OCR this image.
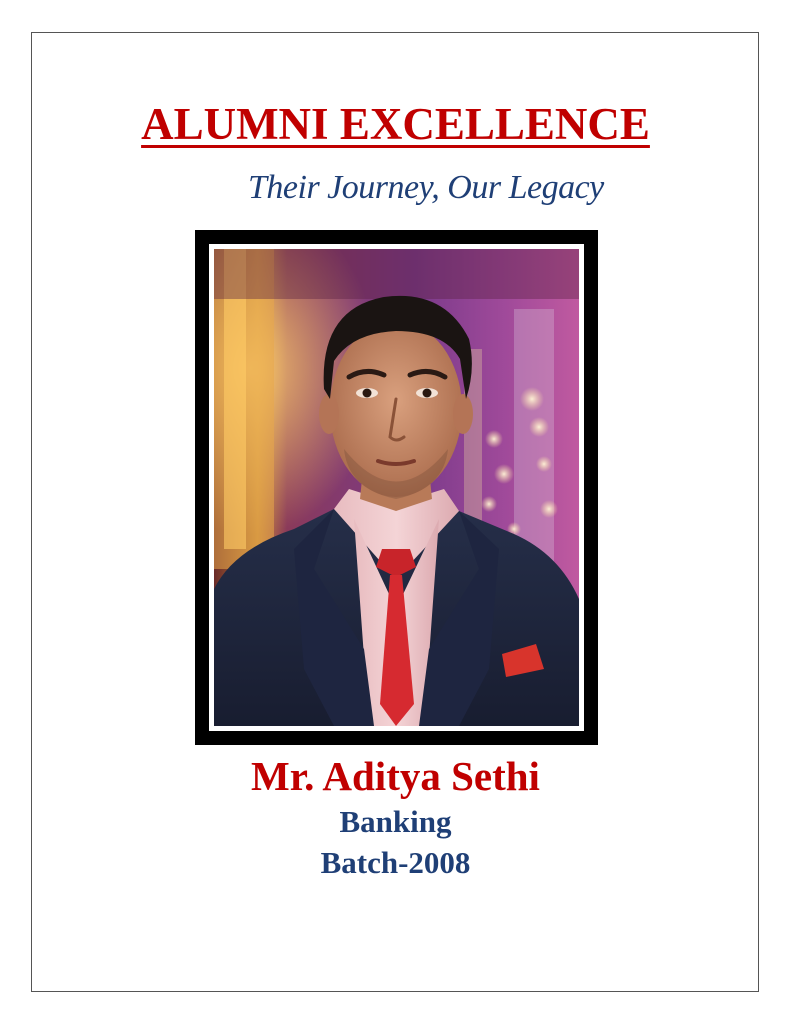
ALUMNI EXCELLENCE

Their Journey, Our Legacy

Mr. Aditya Sethi

Banking

Batch-2008
